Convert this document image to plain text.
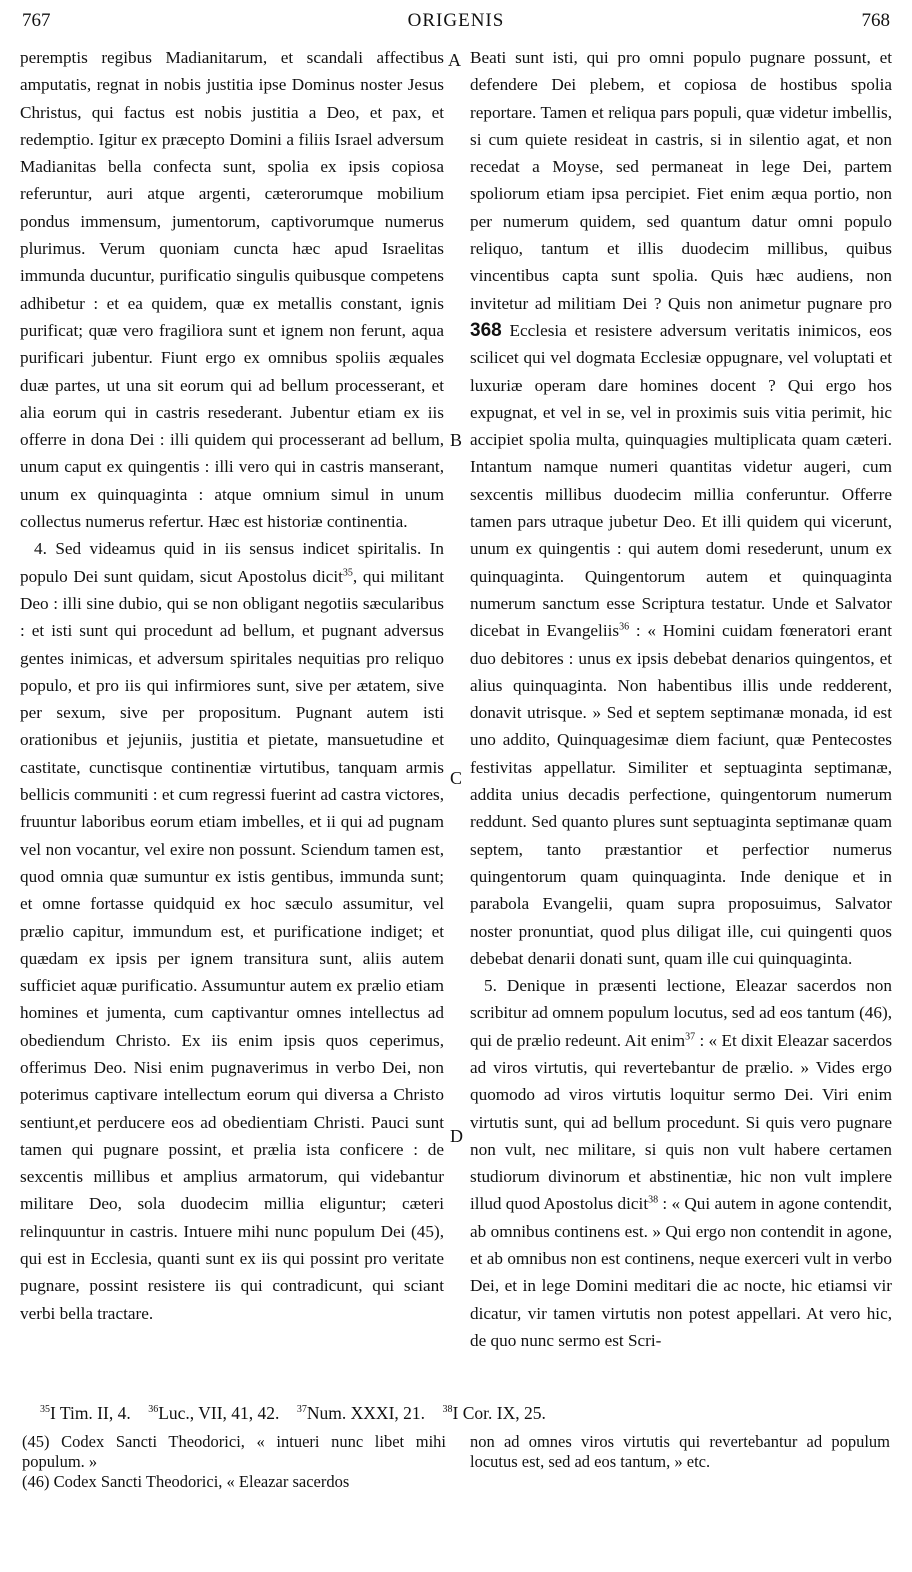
767	ORIGENIS	768
A
B
C
D

peremptis regibus Madianitarum, et scandali affectibus amputatis, regnat in nobis justitia ipse Dominus noster Jesus Christus, qui factus est nobis justitia a Deo, et pax, et redemptio. Igitur ex præcepto Domini a filiis Israel adversum Madianitas bella confecta sunt, spolia ex ipsis copiosa referuntur, auri atque argenti, cæterorumque mobilium pondus immensum, jumentorum, captivorumque numerus plurimus. Verum quoniam cuncta hæc apud Israelitas immunda ducuntur, purificatio singulis quibusque competens adhibetur : et ea quidem, quæ ex metallis constant, ignis purificat; quæ vero fragiliora sunt et ignem non ferunt, aqua purificari jubentur. Fiunt ergo ex omnibus spoliis æquales duæ partes, ut una sit eorum qui ad bellum processerant, et alia eorum qui in castris resederant. Jubentur etiam ex iis offerre in dona Dei : illi quidem qui processerant ad bellum, unum caput ex quingentis : illi vero qui in castris manserant, unum ex quinquaginta : atque omnium simul in unum collectus numerus refertur. Hæc est historiæ continentia.

4. Sed videamus quid in iis sensus indicet spiritalis. In populo Dei sunt quidam, sicut Apostolus dicit$^{35}$, qui militant Deo : illi sine dubio, qui se non obligant negotiis sæcularibus : et isti sunt qui procedunt ad bellum, et pugnant adversus gentes inimicas, et adversum spiritales nequitias pro reliquo populo, et pro iis qui infirmiores sunt, sive per ætatem, sive per sexum, sive per propositum. Pugnant autem isti orationibus et jejuniis, justitia et pietate, mansuetudine et castitate, cunctisque continentiæ virtutibus, tanquam armis bellicis communiti : et cum regressi fuerint ad castra victores, fruuntur laboribus eorum etiam imbelles, et ii qui ad pugnam vel non vocantur, vel exire non possunt. Sciendum tamen est, quod omnia quæ sumuntur ex istis gentibus, immunda sunt; et omne fortasse quidquid ex hoc sæculo assumitur, vel prælio capitur, immundum est, et purificatione indiget; et quædam ex ipsis per ignem transitura sunt, aliis autem sufficiet aquæ purificatio. Assumuntur autem ex prælio etiam homines et jumenta, cum captivantur omnes intellectus ad obediendum Christo. Ex iis enim ipsis quos ceperimus, offerimus Deo. Nisi enim pugnaverimus in verbo Dei, non poterimus captivare intellectum eorum qui diversa a Christo sentiunt,et perducere eos ad obedientiam Christi. Pauci sunt tamen qui pugnare possint, et prælia ista conficere : de sexcentis millibus et amplius armatorum, qui videbantur militare Deo, sola duodecim millia eliguntur; cæteri relinquuntur in castris. Intuere mihi nunc populum Dei (45), qui est in Ecclesia, quanti sunt ex iis qui possint pro veritate pugnare, possint resistere iis qui contradicunt, qui sciant verbi bella tractare.

Beati sunt isti, qui pro omni populo pugnare possunt, et defendere Dei plebem, et copiosa de hostibus spolia reportare. Tamen et reliqua pars populi, quæ videtur imbellis, si cum quiete resideat in castris, si in silentio agat, et non recedat a Moyse, sed permaneat in lege Dei, partem spoliorum etiam ipsa percipiet. Fiet enim æqua portio, non per numerum quidem, sed quantum datur omni populo reliquo, tantum et illis duodecim millibus, quibus vincentibus capta sunt spolia. Quis hæc audiens, non invitetur ad militiam Dei ? Quis non animetur pugnare pro 368 Ecclesia et resistere adversum veritatis inimicos, eos scilicet qui vel dogmata Ecclesiæ oppugnare, vel voluptati et luxuriæ operam dare homines docent ? Qui ergo hos expugnat, et vel in se, vel in proximis suis vitia perimit, hic accipiet spolia multa, quinquagies multiplicata quam cæteri. Intantum namque numeri quantitas videtur augeri, cum sexcentis millibus duodecim millia conferuntur. Offerre tamen pars utraque jubetur Deo. Et illi quidem qui vicerunt, unum ex quingentis : qui autem domi resederunt, unum ex quinquaginta. Quingentorum autem et quinquaginta numerum sanctum esse Scriptura testatur. Unde et Salvator dicebat in Evangeliis$^{36}$ : « Homini cuidam fœneratori erant duo debitores : unus ex ipsis debebat denarios quingentos, et alius quinquaginta. Non habentibus illis unde redderent, donavit utrisque. » Sed et septem septimanæ monada, id est uno addito, Quinquagesimæ diem faciunt, quæ Pentecostes festivitas appellatur. Similiter et septuaginta septimanæ, addita unius decadis perfectione, quingentorum numerum reddunt. Sed quanto plures sunt septuaginta septimanæ quam septem, tanto præstantior et perfectior numerus quingentorum quam quinquaginta. Inde denique et in parabola Evangelii, quam supra proposuimus, Salvator noster pronuntiat, quod plus diligat ille, cui quingenti quos debebat denarii donati sunt, quam ille cui quinquaginta.

5. Denique in præsenti lectione, Eleazar sacerdos non scribitur ad omnem populum locutus, sed ad eos tantum (46), qui de prælio redeunt. Ait enim$^{37}$ : « Et dixit Eleazar sacerdos ad viros virtutis, qui revertebantur de prælio. » Vides ergo quomodo ad viros virtutis loquitur sermo Dei. Viri enim virtutis sunt, qui ad bellum procedunt. Si quis vero pugnare non vult, nec militare, si quis non vult habere certamen studiorum divinorum et abstinentiæ, hic non vult implere illud quod Apostolus dicit$^{38}$ : « Qui autem in agone contendit, ab omnibus continens est. » Qui ergo non contendit in agone, et ab omnibus non est continens, neque exerceri vult in verbo Dei, et in lege Domini meditari die ac nocte, hic etiamsi vir dicatur, vir tamen virtutis non potest appellari. At vero hic, de quo nunc sermo est Scri-

$^{35}$I Tim. II, 4. $^{36}$Luc., VII, 41, 42. $^{37}$Num. XXXI, 21. $^{38}$I Cor. IX, 25.

(45) Codex Sancti Theodorici, « intueri nunc libet mihi populum. »

(46) Codex Sancti Theodorici, « Eleazar sacerdos

non ad omnes viros virtutis qui revertebantur ad populum locutus est, sed ad eos tantum, » etc.
